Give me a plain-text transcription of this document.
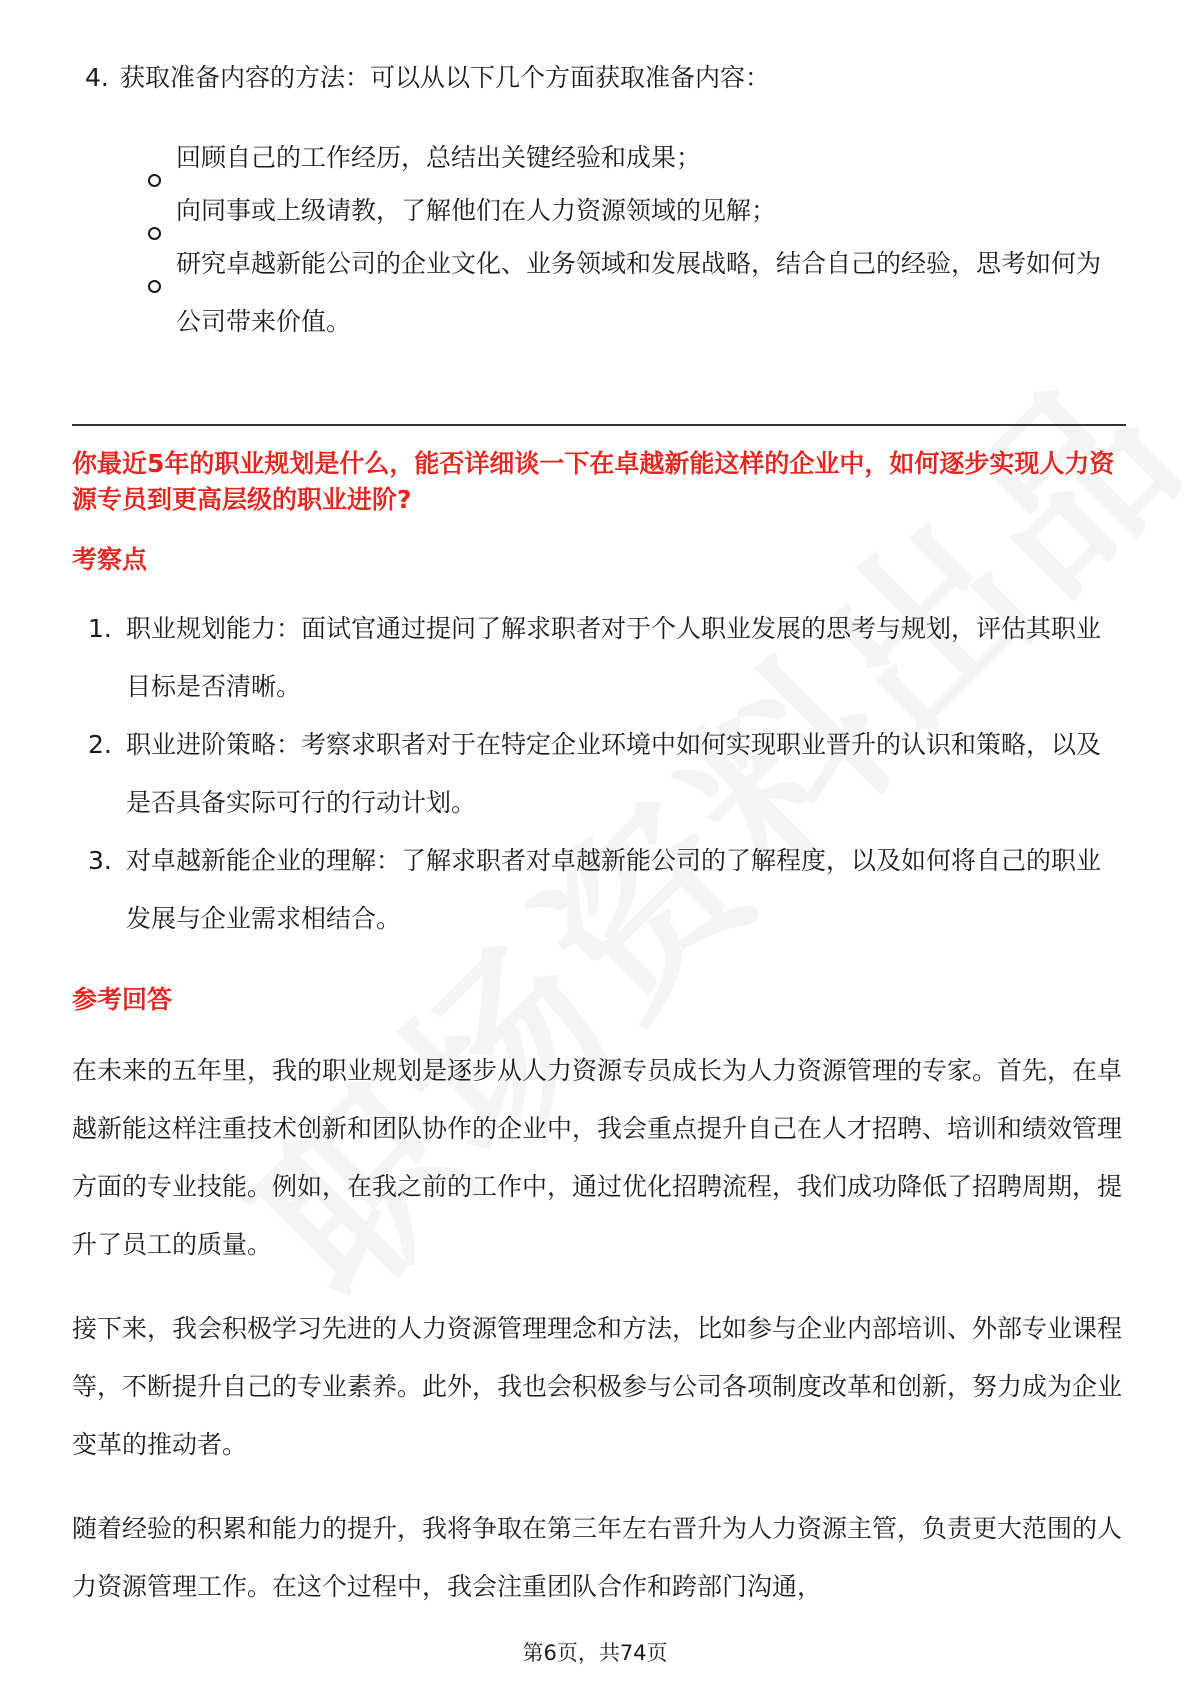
4. 获取准备内容的方法：可以从以下几个方面获取准备内容：
回顾自己的工作经历，总结出关键经验和成果；
向同事或上级请教，了解他们在人力资源领域的见解；
研究卓越新能公司的企业文化、业务领域和发展战略，结合自己的经验，思考如何为公司带来价值。
你最近5年的职业规划是什么，能否详细谈一下在卓越新能这样的企业中，如何逐步实现人力资源专员到更高层级的职业进阶?
考察点
1. 职业规划能力：面试官通过提问了解求职者对于个人职业发展的思考与规划，评估其职业目标是否清晰。
2. 职业进阶策略：考察求职者对于在特定企业环境中如何实现职业晋升的认识和策略，以及是否具备实际可行的行动计划。
3. 对卓越新能企业的理解：了解求职者对卓越新能公司的了解程度，以及如何将自己的职业发展与企业需求相结合。
参考回答
在未来的五年里，我的职业规划是逐步从人力资源专员成长为人力资源管理的专家。首先，在卓越新能这样注重技术创新和团队协作的企业中，我会重点提升自己在人才招聘、培训和绩效管理方面的专业技能。例如，在我之前的工作中，通过优化招聘流程，我们成功降低了招聘周期，提升了员工的质量。
接下来，我会积极学习先进的人力资源管理理念和方法，比如参与企业内部培训、外部专业课程等，不断提升自己的专业素养。此外，我也会积极参与公司各项制度改革和创新，努力成为企业变革的推动者。
随着经验的积累和能力的提升，我将争取在第三年左右晋升为人力资源主管，负责更大范围的人力资源管理工作。在这个过程中，我会注重团队合作和跨部门沟通，
第6页，共74页
